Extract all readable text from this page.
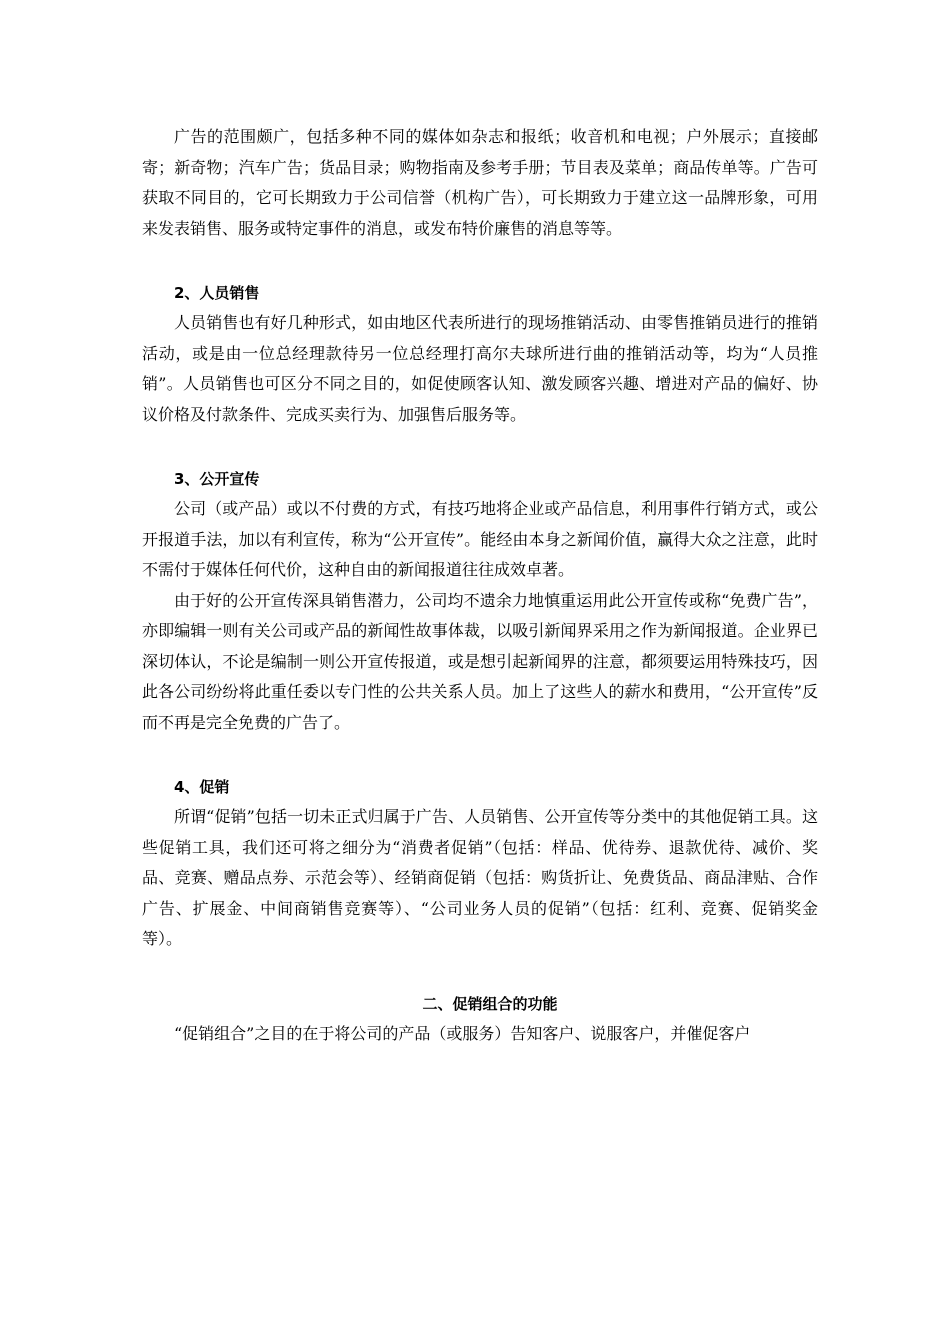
广告的范围颇广，包括多种不同的媒体如杂志和报纸；收音机和电视；户外展示；直接邮寄；新奇物；汽车广告；货品目录；购物指南及参考手册；节目表及菜单；商品传单等。广告可获取不同目的，它可长期致力于公司信誉（机构广告），可长期致力于建立这一品牌形象，可用来发表销售、服务或特定事件的消息，或发布特价廉售的消息等等。

2、人员销售

人员销售也有好几种形式，如由地区代表所进行的现场推销活动、由零售推销员进行的推销活动，或是由一位总经理款待另一位总经理打高尔夫球所进行曲的推销活动等，均为“人员推销”。人员销售也可区分不同之目的，如促使顾客认知、激发顾客兴趣、增进对产品的偏好、协议价格及付款条件、完成买卖行为、加强售后服务等。

3、公开宣传

公司（或产品）或以不付费的方式，有技巧地将企业或产品信息，利用事件行销方式，或公开报道手法，加以有利宣传，称为“公开宣传”。能经由本身之新闻价值，赢得大众之注意，此时不需付于媒体任何代价，这种自由的新闻报道往往成效卓著。

由于好的公开宣传深具销售潜力，公司均不遗余力地慎重运用此公开宣传或称“免费广告”，亦即编辑一则有关公司或产品的新闻性故事体裁，以吸引新闻界采用之作为新闻报道。企业界已深切体认，不论是编制一则公开宣传报道，或是想引起新闻界的注意，都须要运用特殊技巧，因此各公司纷纷将此重任委以专门性的公共关系人员。加上了这些人的薪水和费用，“公开宣传”反而不再是完全免费的广告了。

4、促销

所谓“促销”包括一切未正式归属于广告、人员销售、公开宣传等分类中的其他促销工具。这些促销工具，我们还可将之细分为“消费者促销”（包括：样品、优待券、退款优待、减价、奖品、竞赛、赠品点券、示范会等）、经销商促销（包括：购货折让、免费货品、商品津贴、合作广告、扩展金、中间商销售竞赛等）、“公司业务人员的促销”（包括：红利、竞赛、促销奖金等）。

二、促销组合的功能

“促销组合”之目的在于将公司的产品（或服务）告知客户、说服客户，并催促客户
